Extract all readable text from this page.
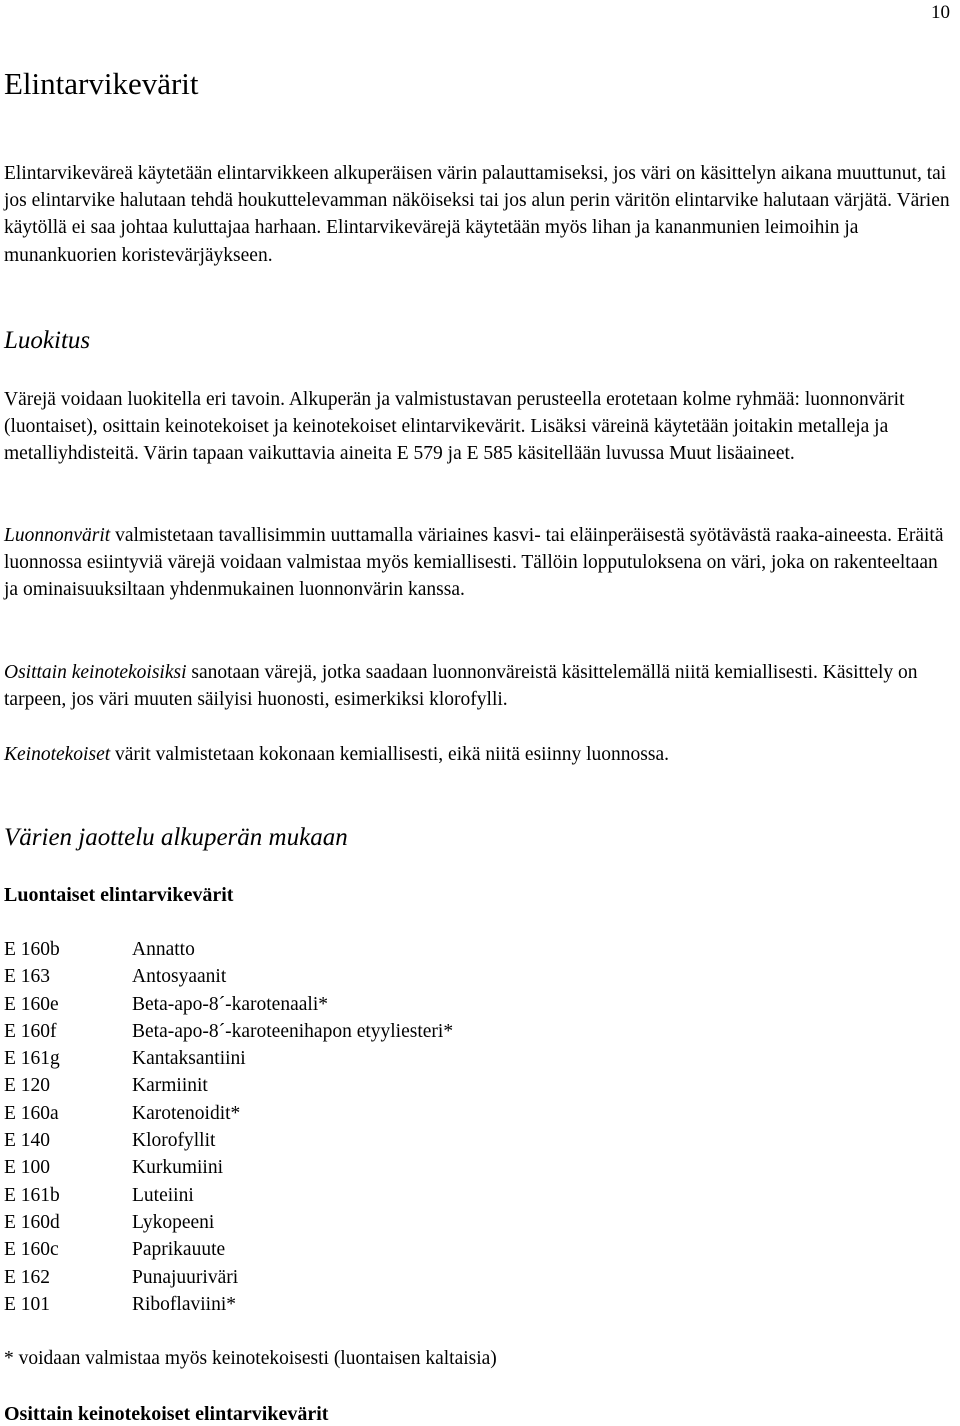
10
Elintarvikevärit

Elintarvikeväreä käytetään elintarvikkeen alkuperäisen värin palauttamiseksi, jos väri on käsittelyn aikana muuttunut, tai jos elintarvike halutaan tehdä houkuttelevamman näköiseksi tai jos alun perin väritön elintarvike halutaan värjätä. Värien käytöllä ei saa johtaa kuluttajaa harhaan. Elintarvikevärejä käytetään myös lihan ja kananmunien leimoihin ja munankuorien koristevärjäykseen.

Luokitus

Värejä voidaan luokitella eri tavoin. Alkuperän ja valmistustavan perusteella erotetaan kolme ryhmää: luonnonvärit (luontaiset), osittain keinotekoiset ja keinotekoiset elintarvikevärit. Lisäksi väreinä käytetään joitakin metalleja ja metalliyhdisteitä. Värin tapaan vaikuttavia aineita E 579 ja E 585 käsitellään luvussa Muut lisäaineet.

Luonnonvärit valmistetaan tavallisimmin uuttamalla väriaines kasvi- tai eläinperäisestä syötävästä raaka-aineesta. Eräitä luonnossa esiintyviä värejä voidaan valmistaa myös kemiallisesti. Tällöin lopputuloksena on väri, joka on rakenteeltaan ja ominaisuuksiltaan yhdenmukainen luonnonvärin kanssa.

Osittain keinotekoisiksi sanotaan värejä, jotka saadaan luonnonväreistä käsittelemällä niitä kemiallisesti. Käsittely on tarpeen, jos väri muuten säilyisi huonosti, esimerkiksi klorofylli.

Keinotekoiset värit valmistetaan kokonaan kemiallisesti, eikä niitä esiinny luonnossa.

Värien jaottelu alkuperän mukaan
Luontaiset elintarvikevärit
E 160b	Annatto
E 163	Antosyaanit
E 160e	Beta-apo-8´-karotenaali*
E 160f	Beta-apo-8´-karoteenihapon etyyliesteri*
E 161g	Kantaksantiini
E 120	Karmiinit
E 160a	Karotenoidit*
E 140	Klorofyllit
E 100	Kurkumiini
E 161b	Luteiini
E 160d	Lykopeeni
E 160c	Paprikauute
E 162	Punajuuriväri
E 101	Riboflaviini*

* voidaan valmistaa myös keinotekoisesti (luontaisen kaltaisia)

Osittain keinotekoiset elintarvikevärit
